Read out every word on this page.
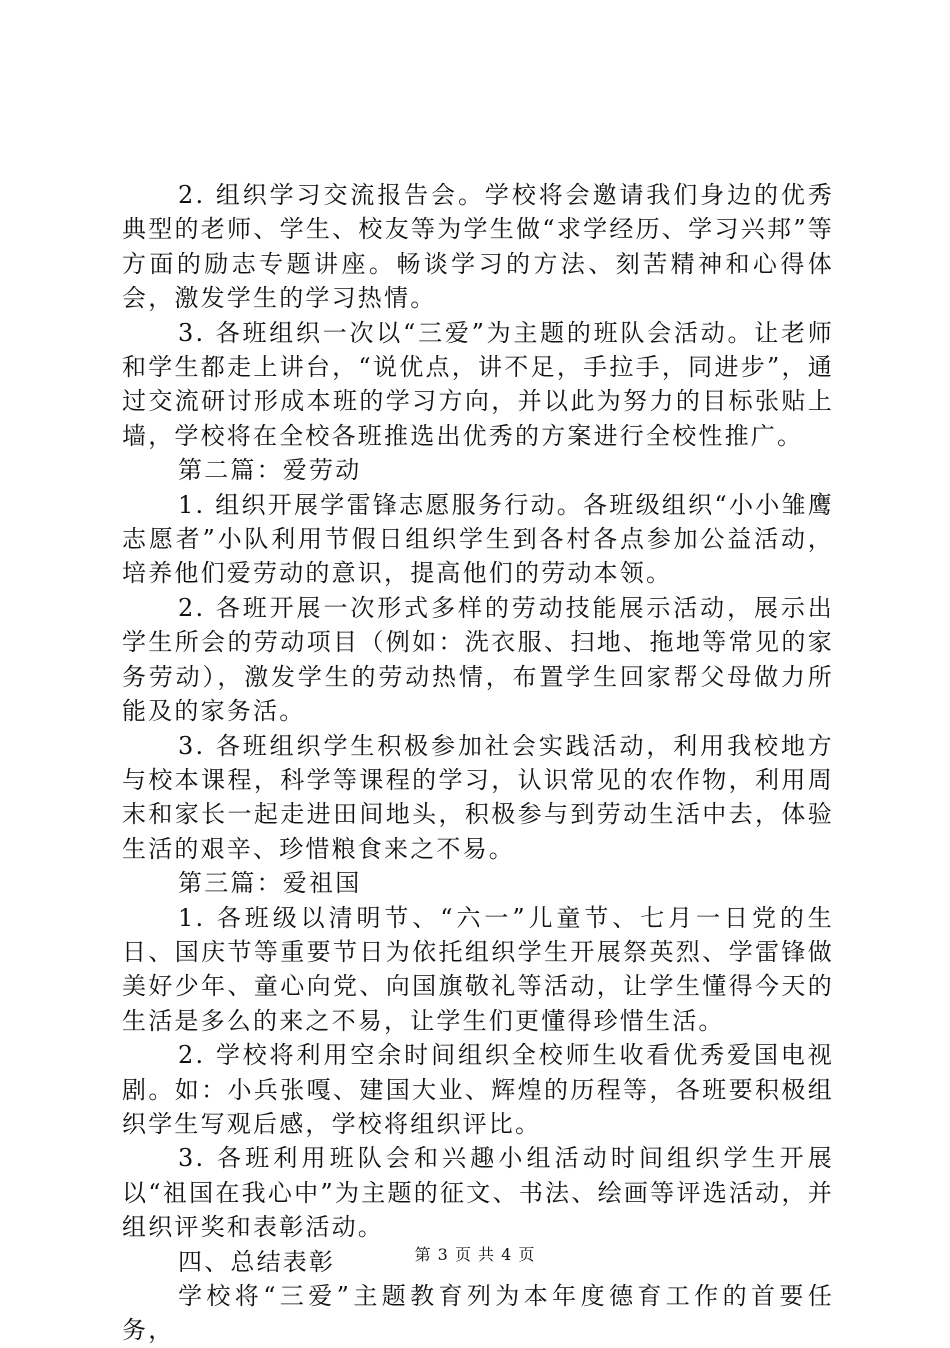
2. 组织学习交流报告会。学校将会邀请我们身边的优秀典型的老师、学生、校友等为学生做“求学经历、学习兴邦”等方面的励志专题讲座。畅谈学习的方法、刻苦精神和心得体会，激发学生的学习热情。

3. 各班组织一次以“三爱”为主题的班队会活动。让老师和学生都走上讲台，“说优点，讲不足，手拉手，同进步”，通过交流研讨形成本班的学习方向，并以此为努力的目标张贴上墙，学校将在全校各班推选出优秀的方案进行全校性推广。

第二篇：爱劳动

1. 组织开展学雷锋志愿服务行动。各班级组织“小小雏鹰志愿者”小队利用节假日组织学生到各村各点参加公益活动，培养他们爱劳动的意识，提高他们的劳动本领。

2. 各班开展一次形式多样的劳动技能展示活动，展示出学生所会的劳动项目（例如：洗衣服、扫地、拖地等常见的家务劳动），激发学生的劳动热情，布置学生回家帮父母做力所能及的家务活。

3. 各班组织学生积极参加社会实践活动，利用我校地方与校本课程，科学等课程的学习，认识常见的农作物，利用周末和家长一起走进田间地头，积极参与到劳动生活中去，体验生活的艰辛、珍惜粮食来之不易。

第三篇：爱祖国

1. 各班级以清明节、“六一”儿童节、七月一日党的生日、国庆节等重要节日为依托组织学生开展祭英烈、学雷锋做美好少年、童心向党、向国旗敬礼等活动，让学生懂得今天的生活是多么的来之不易，让学生们更懂得珍惜生活。

2. 学校将利用空余时间组织全校师生收看优秀爱国电视剧。如：小兵张嘎、建国大业、辉煌的历程等，各班要积极组织学生写观后感，学校将组织评比。

3. 各班利用班队会和兴趣小组活动时间组织学生开展以“祖国在我心中”为主题的征文、书法、绘画等评选活动，并组织评奖和表彰活动。

四、总结表彰

学校将“三爱”主题教育列为本年度德育工作的首要任务，

第 3 页 共 4 页
